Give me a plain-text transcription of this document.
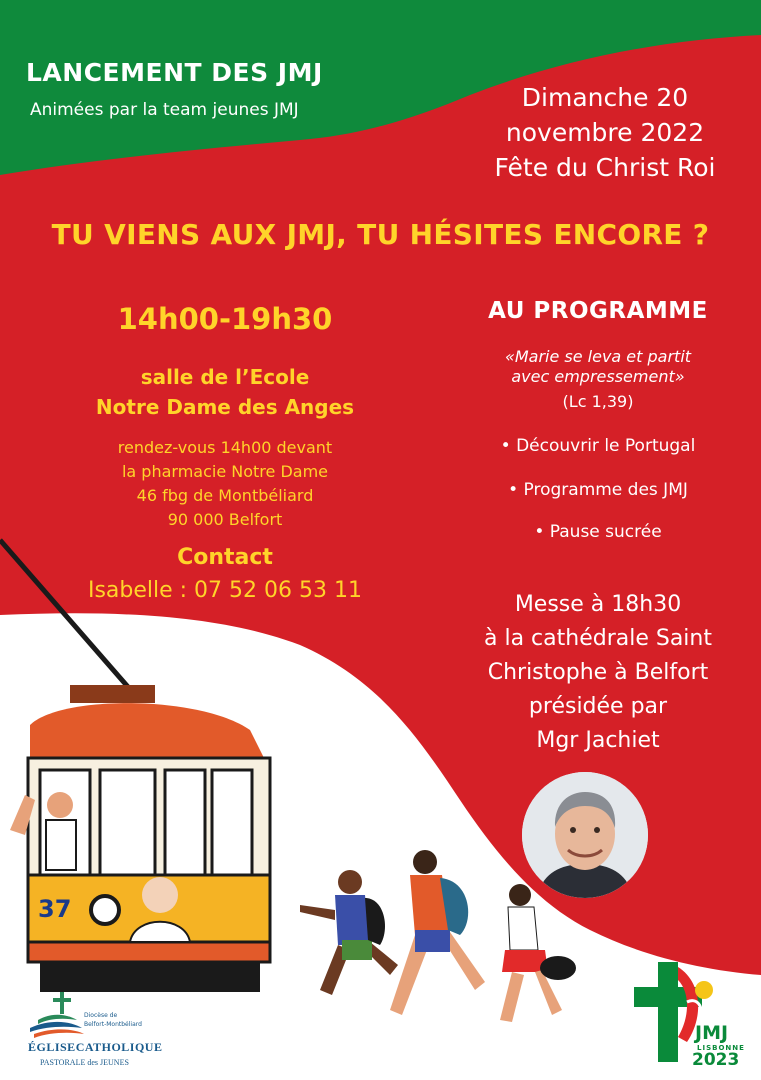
LANCEMENT DES JMJ

Animées par la team jeunes JMJ	Dimanche 20
novembre 2022
Fête du Christ Roi

TU VIENS AUX JMJ, TU HÉSITES ENCORE ?

14h00-19h30

salle de l’Ecole
Notre Dame des Anges
rendez-vous 14h00 devant
la pharmacie Notre Dame
46 fbg de Montbéliard
90 000 Belfort

Contact

Isabelle : 07 52 06 53 11

AU PROGRAMME

«Marie se leva et partit
avec empressement»

(Lc 1,39)

• Découvrir le Portugal

• Programme des JMJ

• Pause sucrée

Messe à 18h30
à la cathédrale Saint
Christophe à Belfort
présidée par
Mgr Jachiet
37

Diocèse de

Belfort-Montbéliard

ÉGLISECATHOLIQUE

PASTORALE des JEUNES

JMJ

LISBONNE

2023
